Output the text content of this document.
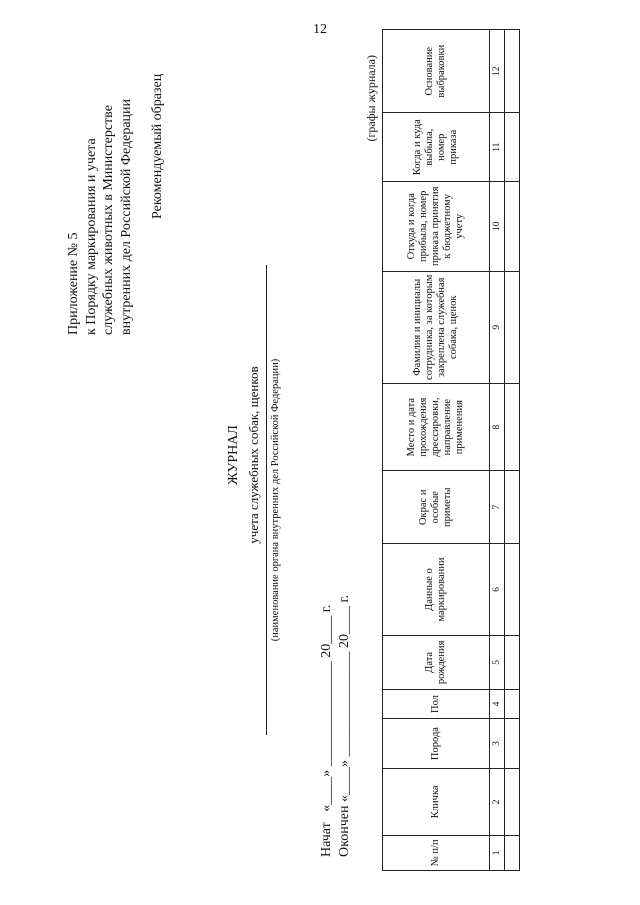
12
Приложение № 5 к Порядку маркирования и учета служебных животных в Министерстве внутренних дел Российской Федерации Рекомендуемый образец
ЖУРНАЛ учета служебных собак, щенков (наименование органа внутренних дел Российской Федерации)
Начат   «____» _______________ 20____ г. Окончен «____» _______________ 20____ г.
(графы журнала)
№ п/п	Кличка	Порода	Пол	Дата рождения	Данные о маркировании	Окрас и особые приметы	Место и дата прохождения дрессировки, направление применения	Фамилия и инициалы сотрудника, за которым закреплена служебная собака, щенок	Откуда и когда прибыла, номер приказа принятия к бюджетному учету	Когда и куда выбыла, номер приказа	Основание выбраковки
1	2	3	4	5	6	7	8	9	10	11	12
